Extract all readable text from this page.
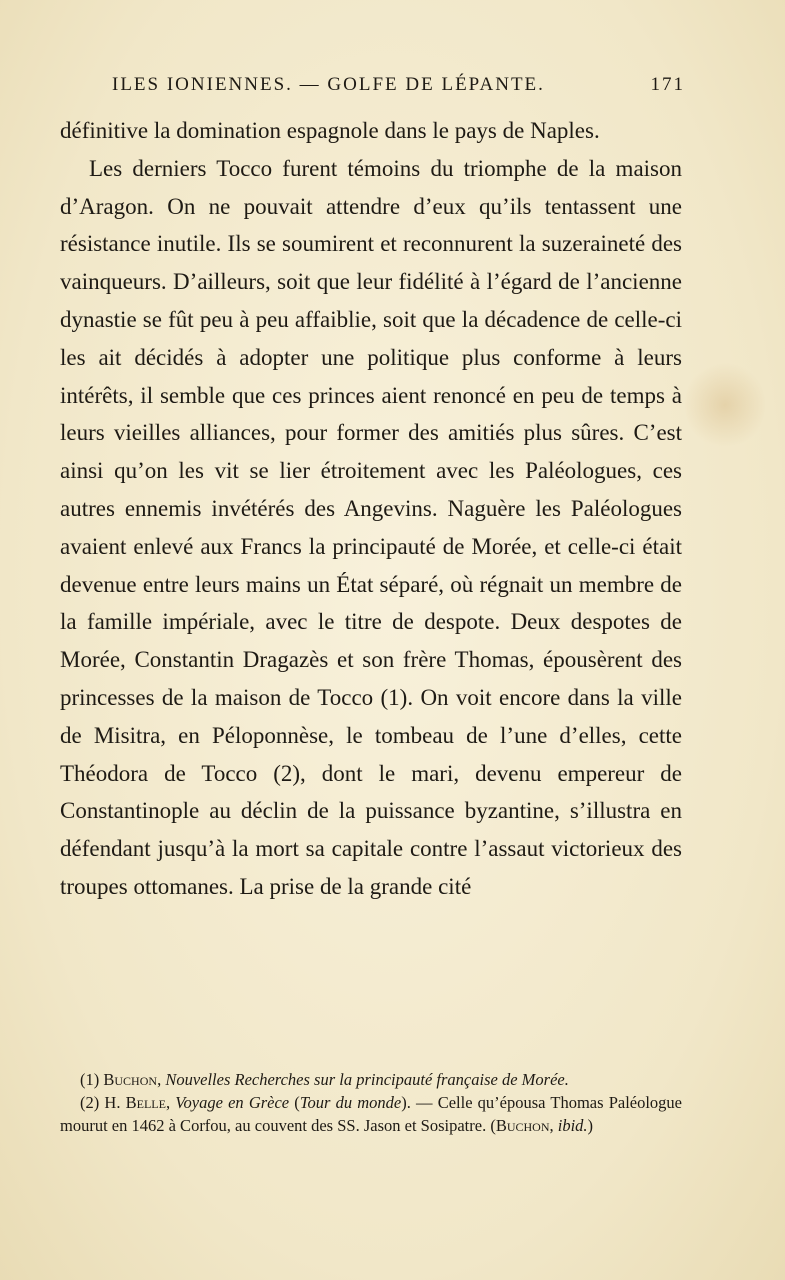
ILES IONIENNES. — GOLFE DE LÉPANTE.	171

définitive la domination espagnole dans le pays de Naples.

Les derniers Tocco furent témoins du triomphe de la maison d’Aragon. On ne pouvait attendre d’eux qu’ils tentassent une résistance inutile. Ils se soumirent et reconnurent la suzeraineté des vainqueurs. D’ailleurs, soit que leur fidélité à l’égard de l’ancienne dynastie se fût peu à peu affaiblie, soit que la décadence de celle-ci les ait décidés à adopter une politique plus conforme à leurs intérêts, il semble que ces princes aient renoncé en peu de temps à leurs vieilles alliances, pour former des amitiés plus sûres. C’est ainsi qu’on les vit se lier étroitement avec les Paléologues, ces autres ennemis invétérés des Angevins. Naguère les Paléologues avaient enlevé aux Francs la principauté de Morée, et celle-ci était devenue entre leurs mains un État séparé, où régnait un membre de la famille impériale, avec le titre de despote. Deux despotes de Morée, Constantin Dragazès et son frère Thomas, épousèrent des princesses de la maison de Tocco (1). On voit encore dans la ville de Misitra, en Péloponnèse, le tombeau de l’une d’elles, cette Théodora de Tocco (2), dont le mari, devenu empereur de Constantinople au déclin de la puissance byzantine, s’illustra en défendant jusqu’à la mort sa capitale contre l’assaut victorieux des troupes ottomanes. La prise de la grande cité

(1) Buchon, Nouvelles Recherches sur la principauté française de Morée.

(2) H. Belle, Voyage en Grèce (Tour du monde). — Celle qu’épousa Thomas Paléologue mourut en 1462 à Corfou, au couvent des SS. Jason et Sosipatre. (Buchon, ibid.)
